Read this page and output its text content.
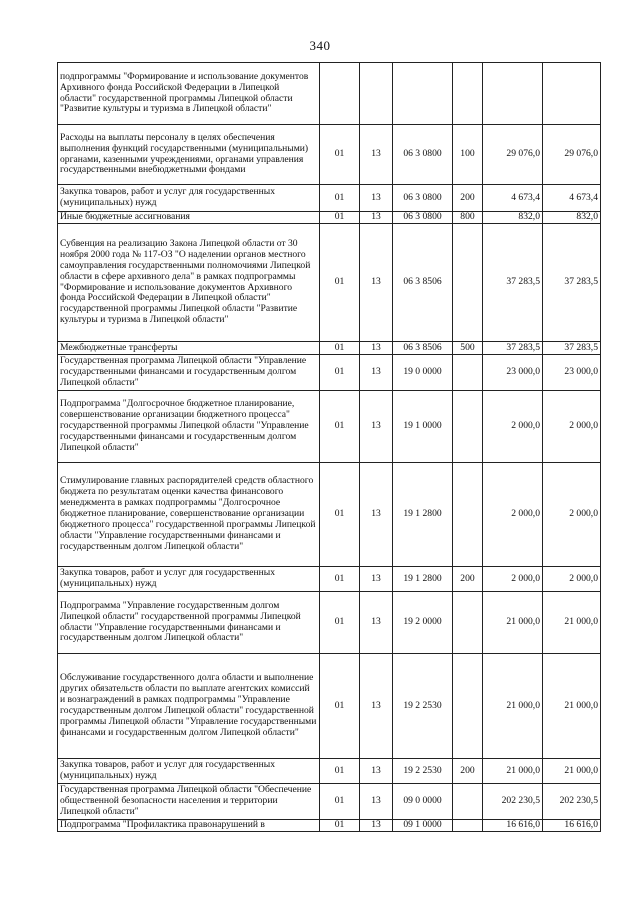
340
подпрограммы "Формирование и использование документов Архивного фонда Российской Федерации в Липецкой области" государственной программы Липецкой области "Развитие культуры и туризма в Липецкой области"						
Расходы на выплаты персоналу в целях обеспечения выполнения функций государственными (муниципальными) органами, казенными учреждениями, органами управления государственными внебюджетными фондами	01	13	06 3 0800	100	29 076,0	29 076,0
Закупка товаров, работ и услуг для государственных (муниципальных) нужд	01	13	06 3 0800	200	4 673,4	4 673,4
Иные бюджетные ассигнования	01	13	06 3 0800	800	832,0	832,0
Субвенция на реализацию Закона Липецкой области от 30 ноября 2000 года № 117-ОЗ "О наделении органов местного самоуправления государственными полномочиями Липецкой области в сфере архивного дела" в рамках подпрограммы "Формирование и использование документов Архивного фонда Российской Федерации в Липецкой области" государственной программы Липецкой области "Развитие культуры и туризма в Липецкой области"	01	13	06 3 8506		37 283,5	37 283,5
Межбюджетные трансферты	01	13	06 3 8506	500	37 283,5	37 283,5
Государственная программа Липецкой области "Управление государственными финансами и государственным долгом Липецкой области"	01	13	19 0 0000		23 000,0	23 000,0
Подпрограмма "Долгосрочное бюджетное планирование, совершенствование организации бюджетного процесса" государственной программы Липецкой области "Управление государственными финансами и государственным долгом Липецкой области"	01	13	19 1 0000		2 000,0	2 000,0
Стимулирование главных распорядителей средств областного бюджета по результатам оценки качества финансового менеджмента в рамках подпрограммы "Долгосрочное бюджетное планирование, совершенствование организации бюджетного процесса" государственной программы Липецкой области "Управление государственными финансами и государственным долгом Липецкой области"	01	13	19 1 2800		2 000,0	2 000,0
Закупка товаров, работ и услуг для государственных (муниципальных) нужд	01	13	19 1 2800	200	2 000,0	2 000,0
Подпрограмма "Управление государственным долгом Липецкой области" государственной программы Липецкой области "Управление государственными финансами и государственным долгом Липецкой области"	01	13	19 2 0000		21 000,0	21 000,0
Обслуживание государственного долга области и выполнение других обязательств области по выплате агентских комиссий и вознаграждений в рамках подпрограммы "Управление государственным долгом Липецкой области" государственной программы Липецкой области "Управление государственными финансами и государственным долгом Липецкой области"	01	13	19 2 2530		21 000,0	21 000,0
Закупка товаров, работ и услуг для государственных (муниципальных) нужд	01	13	19 2 2530	200	21 000,0	21 000,0
Государственная программа Липецкой области "Обеспечение общественной безопасности населения и территории Липецкой области"	01	13	09 0 0000		202 230,5	202 230,5
Подпрограмма "Профилактика правонарушений в	01	13	09 1 0000		16 616,0	16 616,0
